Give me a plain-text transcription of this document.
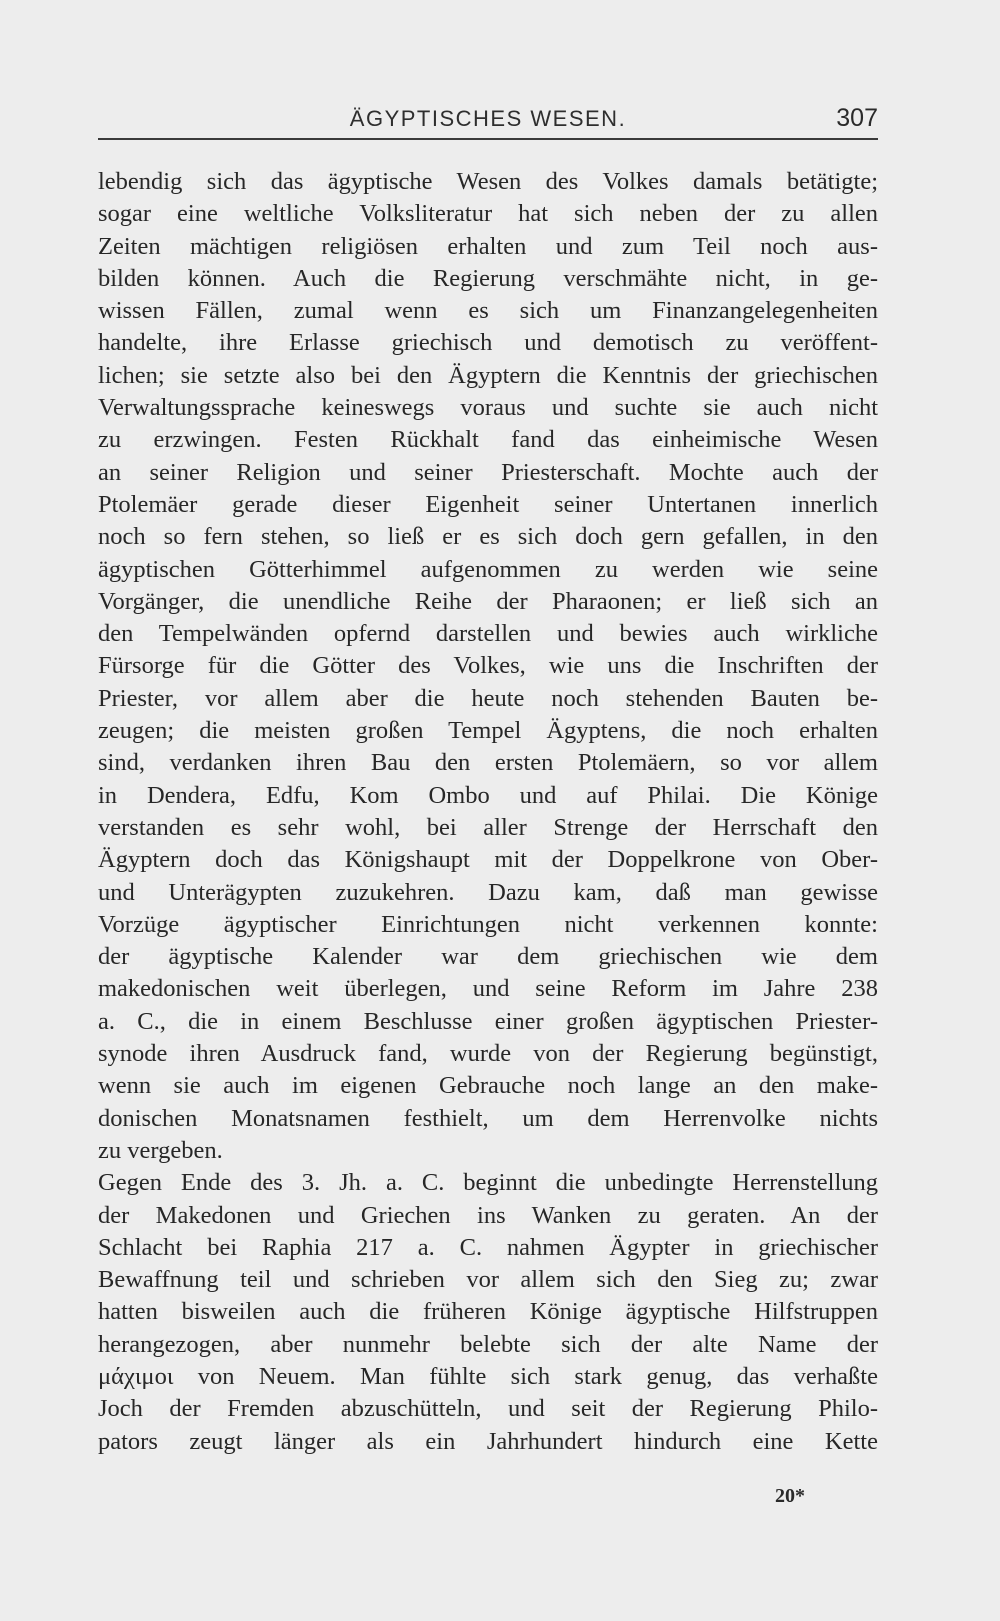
ÄGYPTISCHES WESEN.	307
lebendig sich das ägyptische Wesen des Volkes damals betätigte;
sogar eine weltliche Volksliteratur hat sich neben der zu allen
Zeiten mächtigen religiösen erhalten und zum Teil noch aus-
bilden können. Auch die Regierung verschmähte nicht, in ge-
wissen Fällen, zumal wenn es sich um Finanzangelegenheiten
handelte, ihre Erlasse griechisch und demotisch zu veröffent-
lichen; sie setzte also bei den Ägyptern die Kenntnis der griechischen
Verwaltungssprache keineswegs voraus und suchte sie auch nicht
zu erzwingen. Festen Rückhalt fand das einheimische Wesen
an seiner Religion und seiner Priesterschaft. Mochte auch der
Ptolemäer gerade dieser Eigenheit seiner Untertanen innerlich
noch so fern stehen, so ließ er es sich doch gern gefallen, in den
ägyptischen Götterhimmel aufgenommen zu werden wie seine
Vorgänger, die unendliche Reihe der Pharaonen; er ließ sich an
den Tempelwänden opfernd darstellen und bewies auch wirkliche
Fürsorge für die Götter des Volkes, wie uns die Inschriften der
Priester, vor allem aber die heute noch stehenden Bauten be-
zeugen; die meisten großen Tempel Ägyptens, die noch erhalten
sind, verdanken ihren Bau den ersten Ptolemäern, so vor allem
in Dendera, Edfu, Kom Ombo und auf Philai. Die Könige
verstanden es sehr wohl, bei aller Strenge der Herrschaft den
Ägyptern doch das Königshaupt mit der Doppelkrone von Ober-
und Unterägypten zuzukehren. Dazu kam, daß man gewisse
Vorzüge ägyptischer Einrichtungen nicht verkennen konnte:
der ägyptische Kalender war dem griechischen wie dem
makedonischen weit überlegen, und seine Reform im Jahre 238
a. C., die in einem Beschlusse einer großen ägyptischen Priester-
synode ihren Ausdruck fand, wurde von der Regierung begünstigt,
wenn sie auch im eigenen Gebrauche noch lange an den make-
donischen Monatsnamen festhielt, um dem Herrenvolke nichts
zu vergeben.
Gegen Ende des 3. Jh. a. C. beginnt die unbedingte Herrenstellung
der Makedonen und Griechen ins Wanken zu geraten. An der
Schlacht bei Raphia 217 a. C. nahmen Ägypter in griechischer
Bewaffnung teil und schrieben vor allem sich den Sieg zu; zwar
hatten bisweilen auch die früheren Könige ägyptische Hilfstruppen
herangezogen, aber nunmehr belebte sich der alte Name der
μάχιμοι von Neuem. Man fühlte sich stark genug, das verhaßte
Joch der Fremden abzuschütteln, und seit der Regierung Philo-
pators zeugt länger als ein Jahrhundert hindurch eine Kette
20*
